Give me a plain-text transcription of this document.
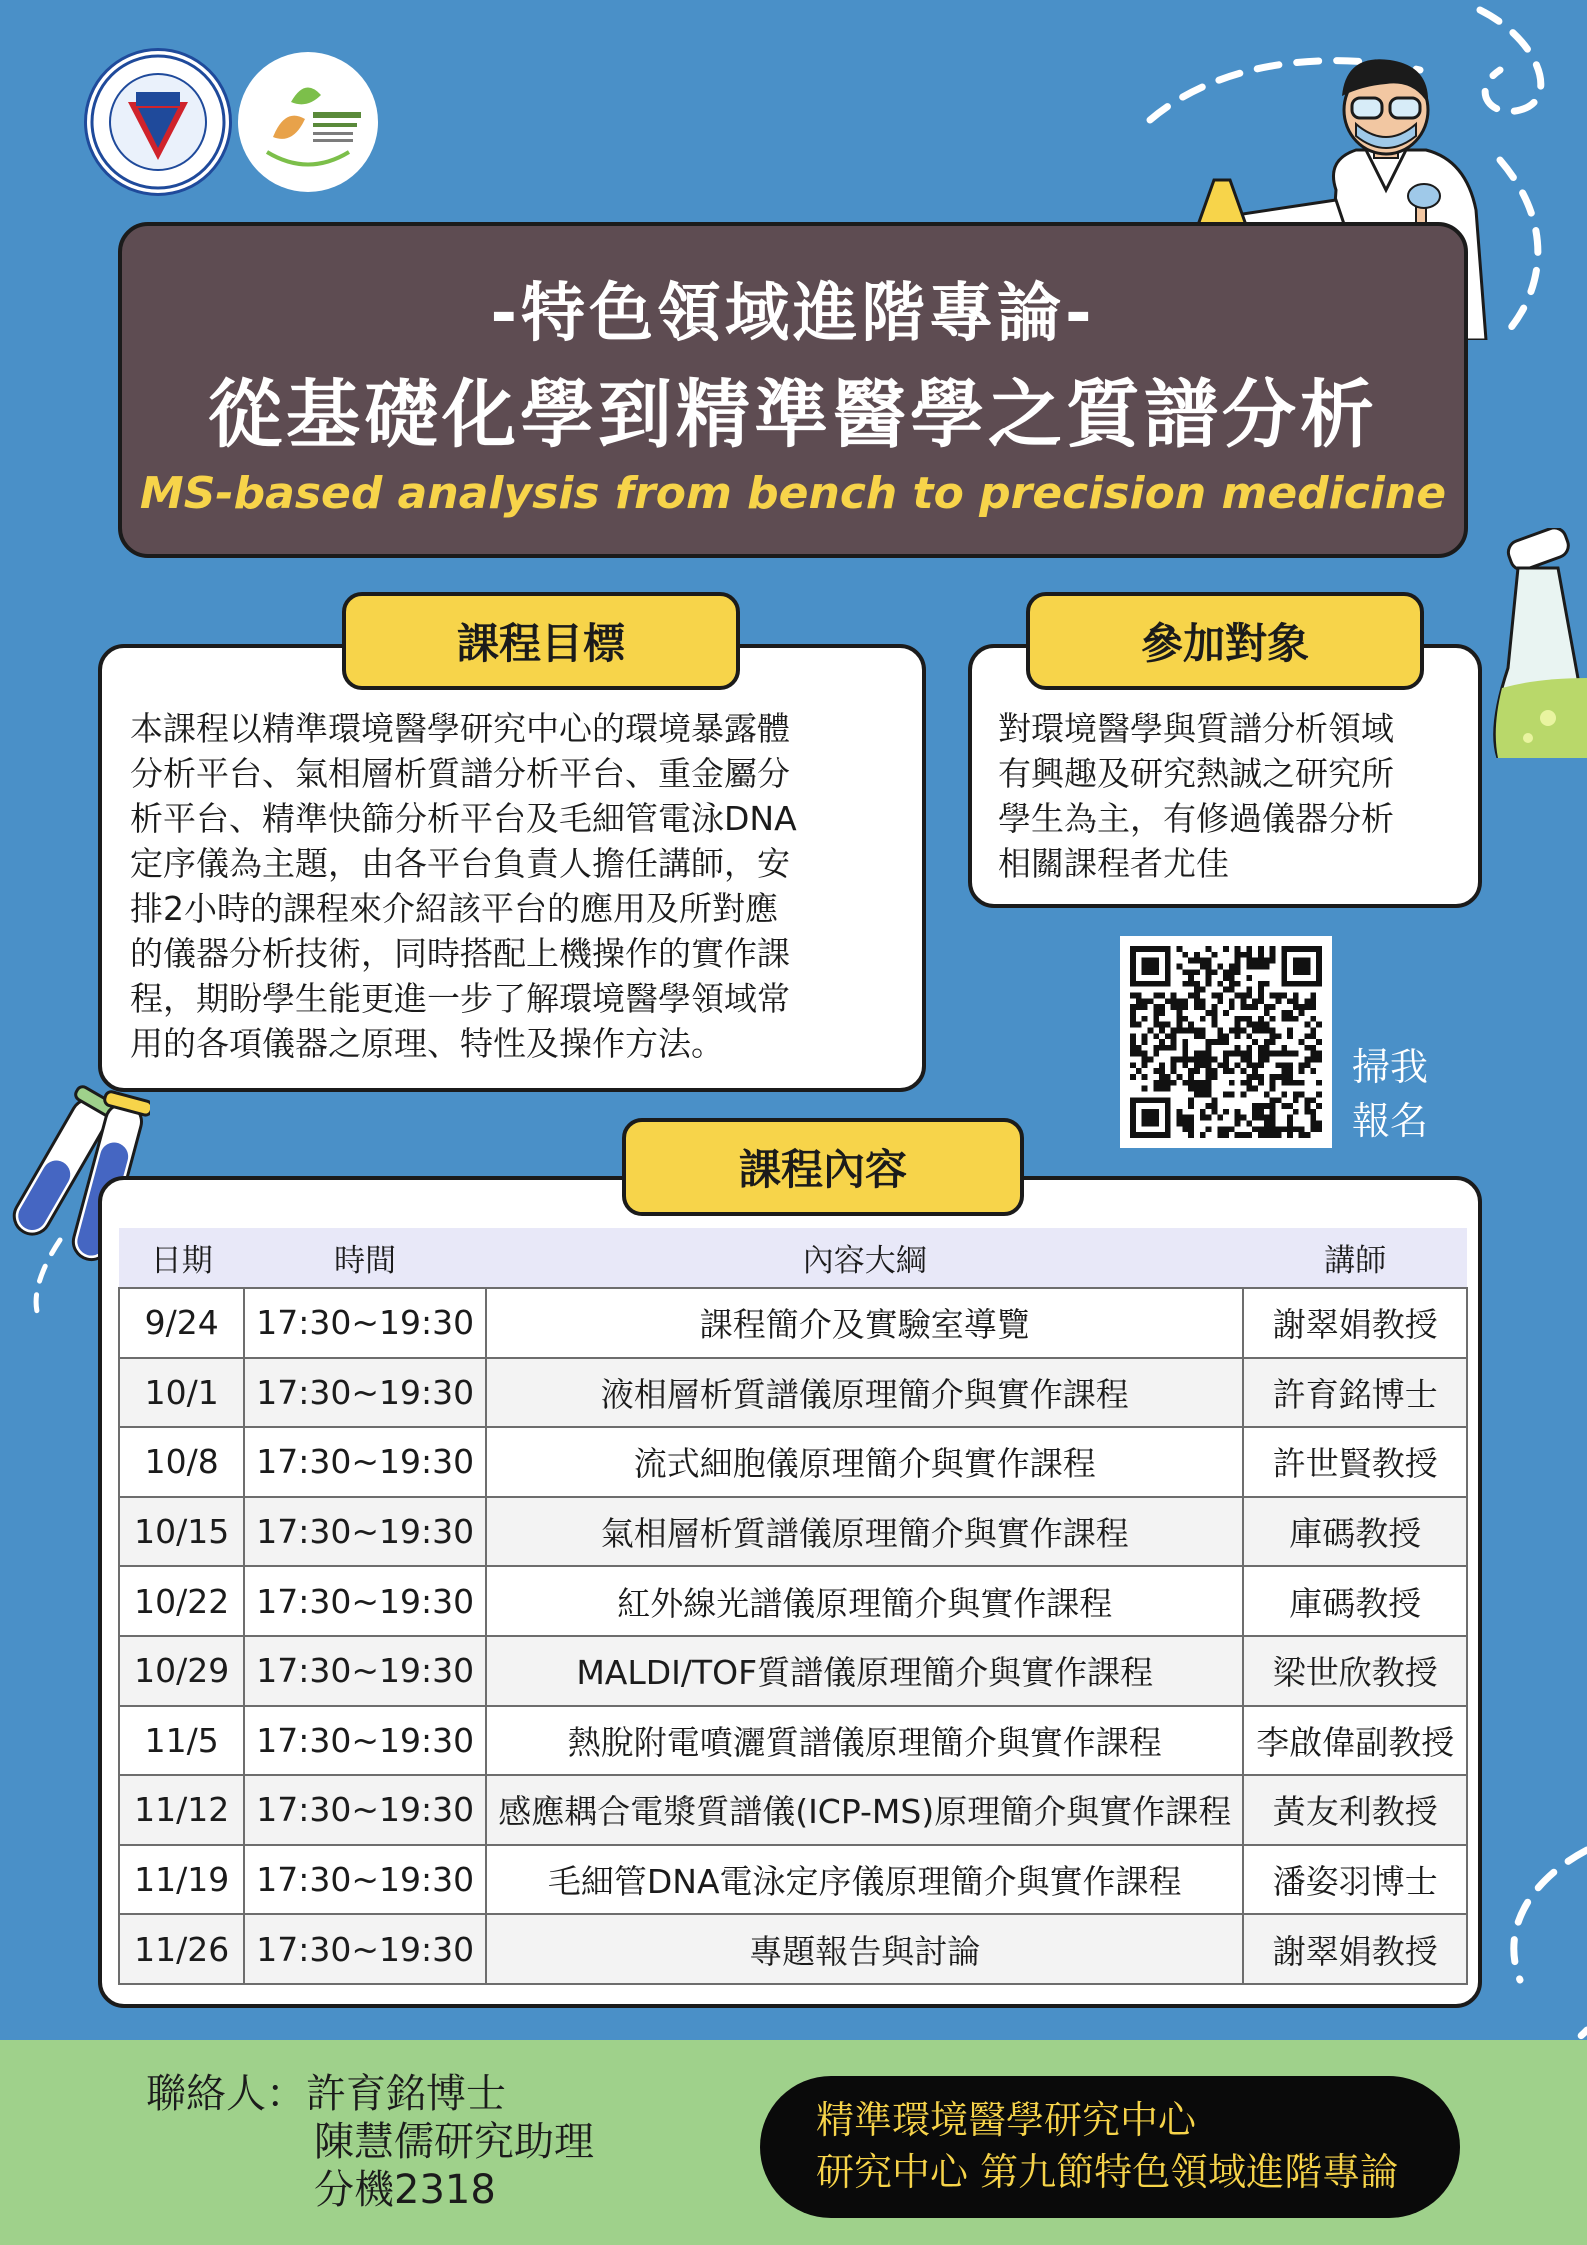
-特色領域進階專論-
從基礎化學到精準醫學之質譜分析
MS-based analysis from bench to precision medicine
課程目標
本課程以精準環境醫學研究中心的環境暴露體
分析平台、氣相層析質譜分析平台、重金屬分
析平台、精準快篩分析平台及毛細管電泳DNA
定序儀為主題，由各平台負責人擔任講師，安
排2小時的課程來介紹該平台的應用及所對應
的儀器分析技術，同時搭配上機操作的實作課
程，期盼學生能更進一步了解環境醫學領域常
用的各項儀器之原理、特性及操作方法。
參加對象
對環境醫學與質譜分析領域
有興趣及研究熱誠之研究所
學生為主，有修過儀器分析
相關課程者尤佳
掃我
報名
課程內容
日期	時間	內容大綱	講師
9/24	17:30~19:30	課程簡介及實驗室導覽	謝翠娟教授
10/1	17:30~19:30	液相層析質譜儀原理簡介與實作課程	許育銘博士
10/8	17:30~19:30	流式細胞儀原理簡介與實作課程	許世賢教授
10/15	17:30~19:30	氣相層析質譜儀原理簡介與實作課程	庫碼教授
10/22	17:30~19:30	紅外線光譜儀原理簡介與實作課程	庫碼教授
10/29	17:30~19:30	MALDI/TOF質譜儀原理簡介與實作課程	梁世欣教授
11/5	17:30~19:30	熱脫附電噴灑質譜儀原理簡介與實作課程	李啟偉副教授
11/12	17:30~19:30	感應耦合電漿質譜儀(ICP-MS)原理簡介與實作課程	黃友利教授
11/19	17:30~19:30	毛細管DNA電泳定序儀原理簡介與實作課程	潘姿羽博士
11/26	17:30~19:30	專題報告與討論	謝翠娟教授
聯絡人：許育銘博士
陳慧儒研究助理
分機2318
精準環境醫學研究中心
研究中心 第九節特色領域進階專論
